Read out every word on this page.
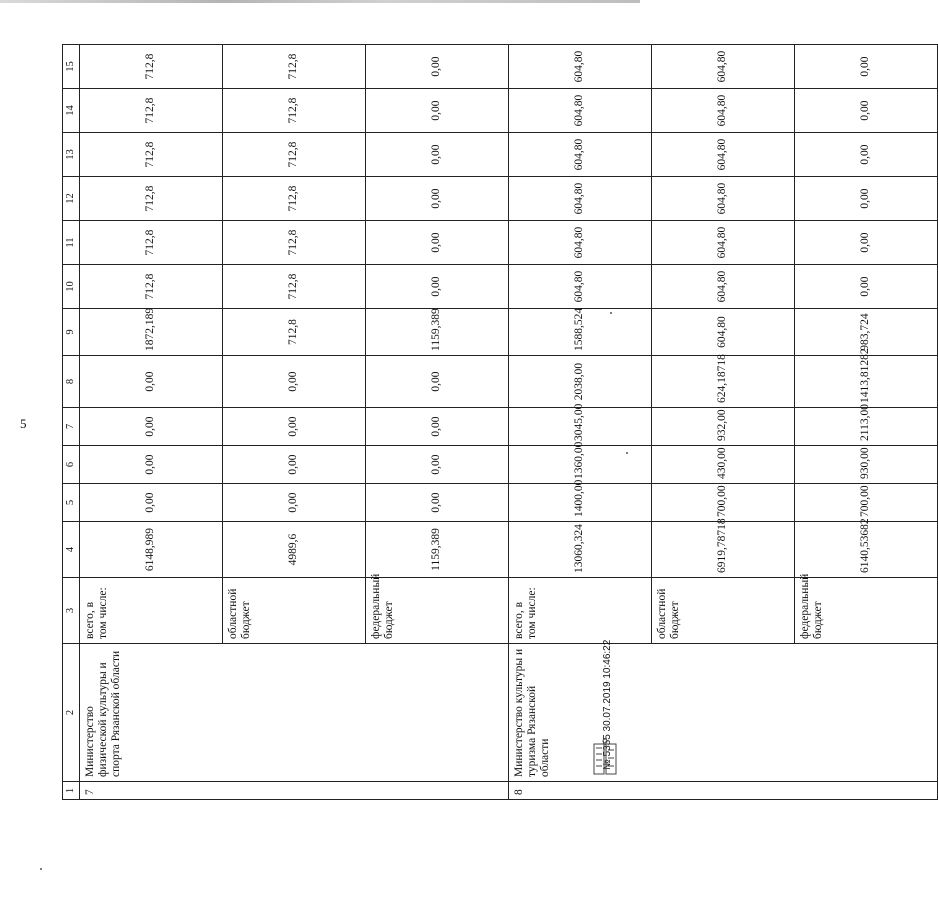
5
1	2	3	4	5	6	7	8	9	10	11	12	13	14	15
7	Министерство физической культуры и спорта Рязанской области	всего, в том числе:	6148,989	0,00	0,00	0,00	0,00	1872,189	712,8	712,8	712,8	712,8	712,8	712,8
		областной бюджет	4989,6	0,00	0,00	0,00	0,00	712,8	712,8	712,8	712,8	712,8	712,8	712,8
		федеральный бюджет	1159,389	0,00	0,00	0,00	0,00	1159,389	0,00	0,00	0,00	0,00	0,00	0,00
8	Министерство культуры и туризма Рязанской области	всего, в том числе:	13060,324	1400,00	1360,00	3045,00	2038,00	1588,524	604,80	604,80	604,80	604,80	604,80	604,80
		областной бюджет	6919,78718	700,00	430,00	932,00	624,18718	604,80	604,80	604,80	604,80	604,80	604,80	604,80
		федеральный бюджет	6140,53682	700,00	930,00	2113,00	1413,81282	983,724	0,00	0,00	0,00	0,00	0,00	0,00
№ 5355 30.07.2019 10:46:22
